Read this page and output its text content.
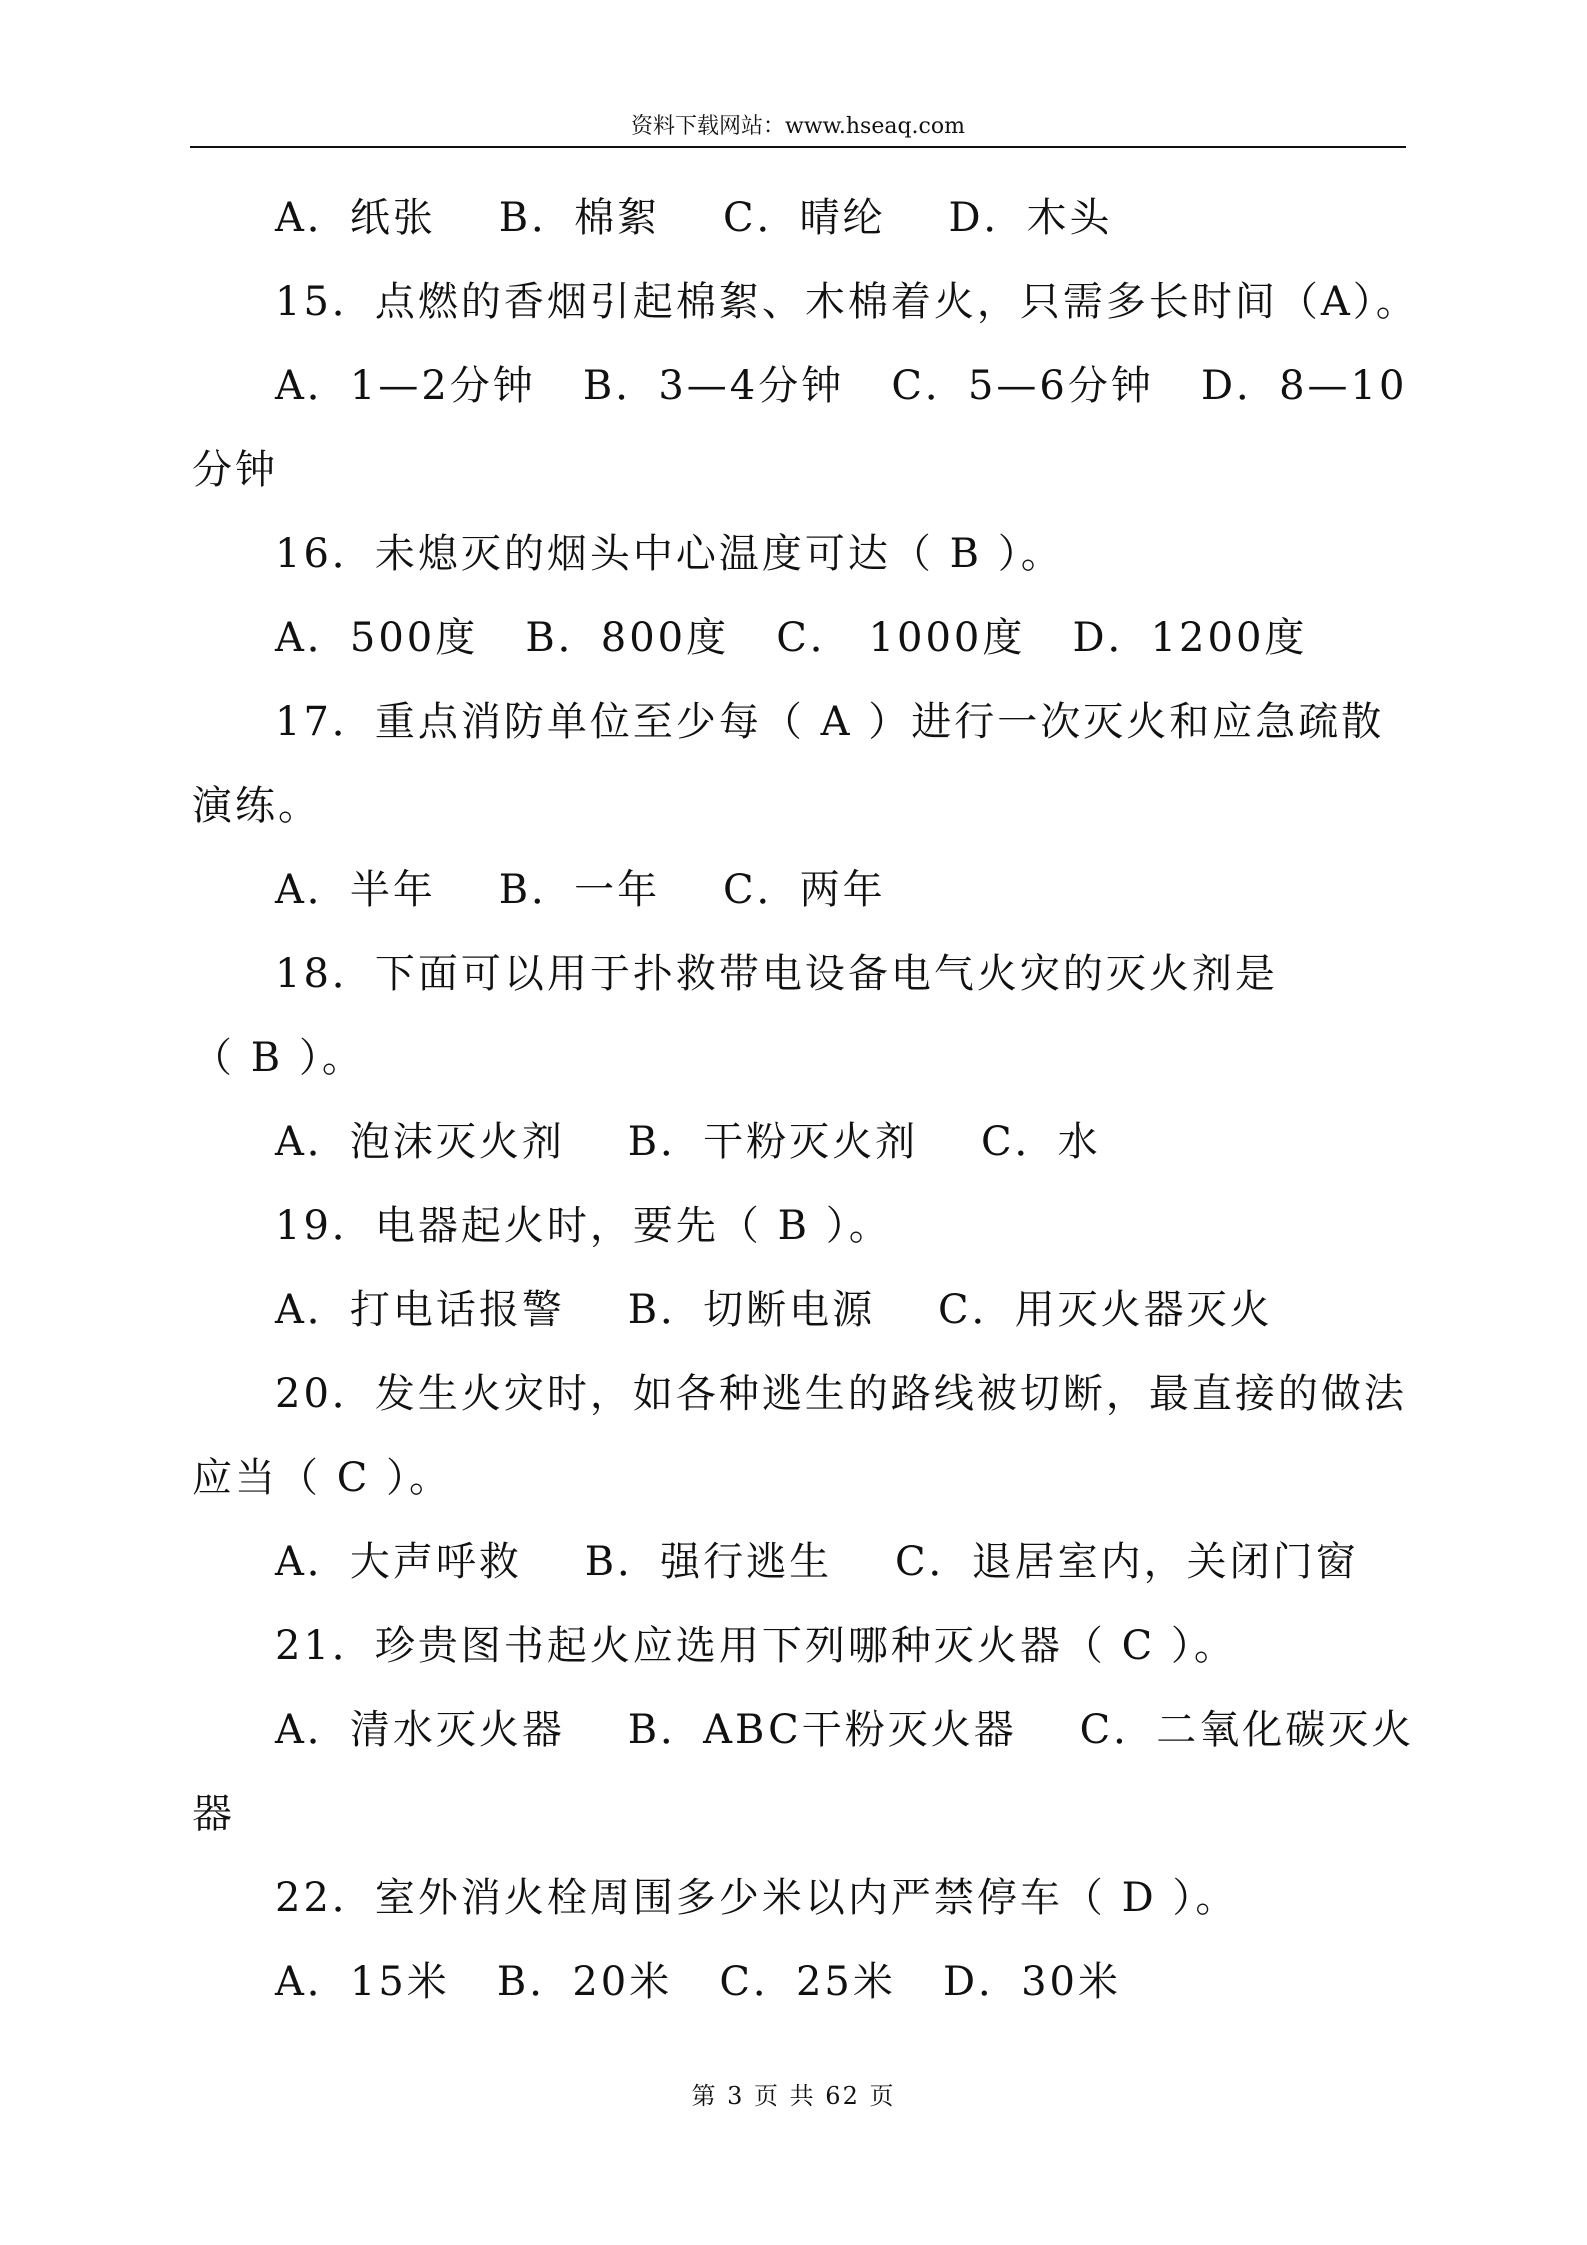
资料下载网站：www.hseaq.com
A．纸张    B．棉絮    C．晴纶    D．木头
15．点燃的香烟引起棉絮、木棉着火，只需多长时间（A）。
A．1—2分钟   B．3—4分钟   C．5—6分钟   D．8—10
分钟
16．未熄灭的烟头中心温度可达（ B ）。
A．500度   B．800度   C． 1000度   D．1200度
17．重点消防单位至少每（ A ）进行一次灭火和应急疏散
演练。
A．半年    B．一年    C．两年
18．下面可以用于扑救带电设备电气火灾的灭火剂是
（ B ）。
A．泡沫灭火剂    B．干粉灭火剂    C．水
19．电器起火时，要先（ B ）。
A．打电话报警    B．切断电源    C．用灭火器灭火
20．发生火灾时，如各种逃生的路线被切断，最直接的做法
应当（ C ）。
A．大声呼救    B．强行逃生    C．退居室内，关闭门窗
21．珍贵图书起火应选用下列哪种灭火器（ C ）。
A．清水灭火器    B．ABC干粉灭火器    C．二氧化碳灭火
器
22．室外消火栓周围多少米以内严禁停车（ D ）。
A．15米   B．20米   C．25米   D．30米
第 3 页 共 62 页
